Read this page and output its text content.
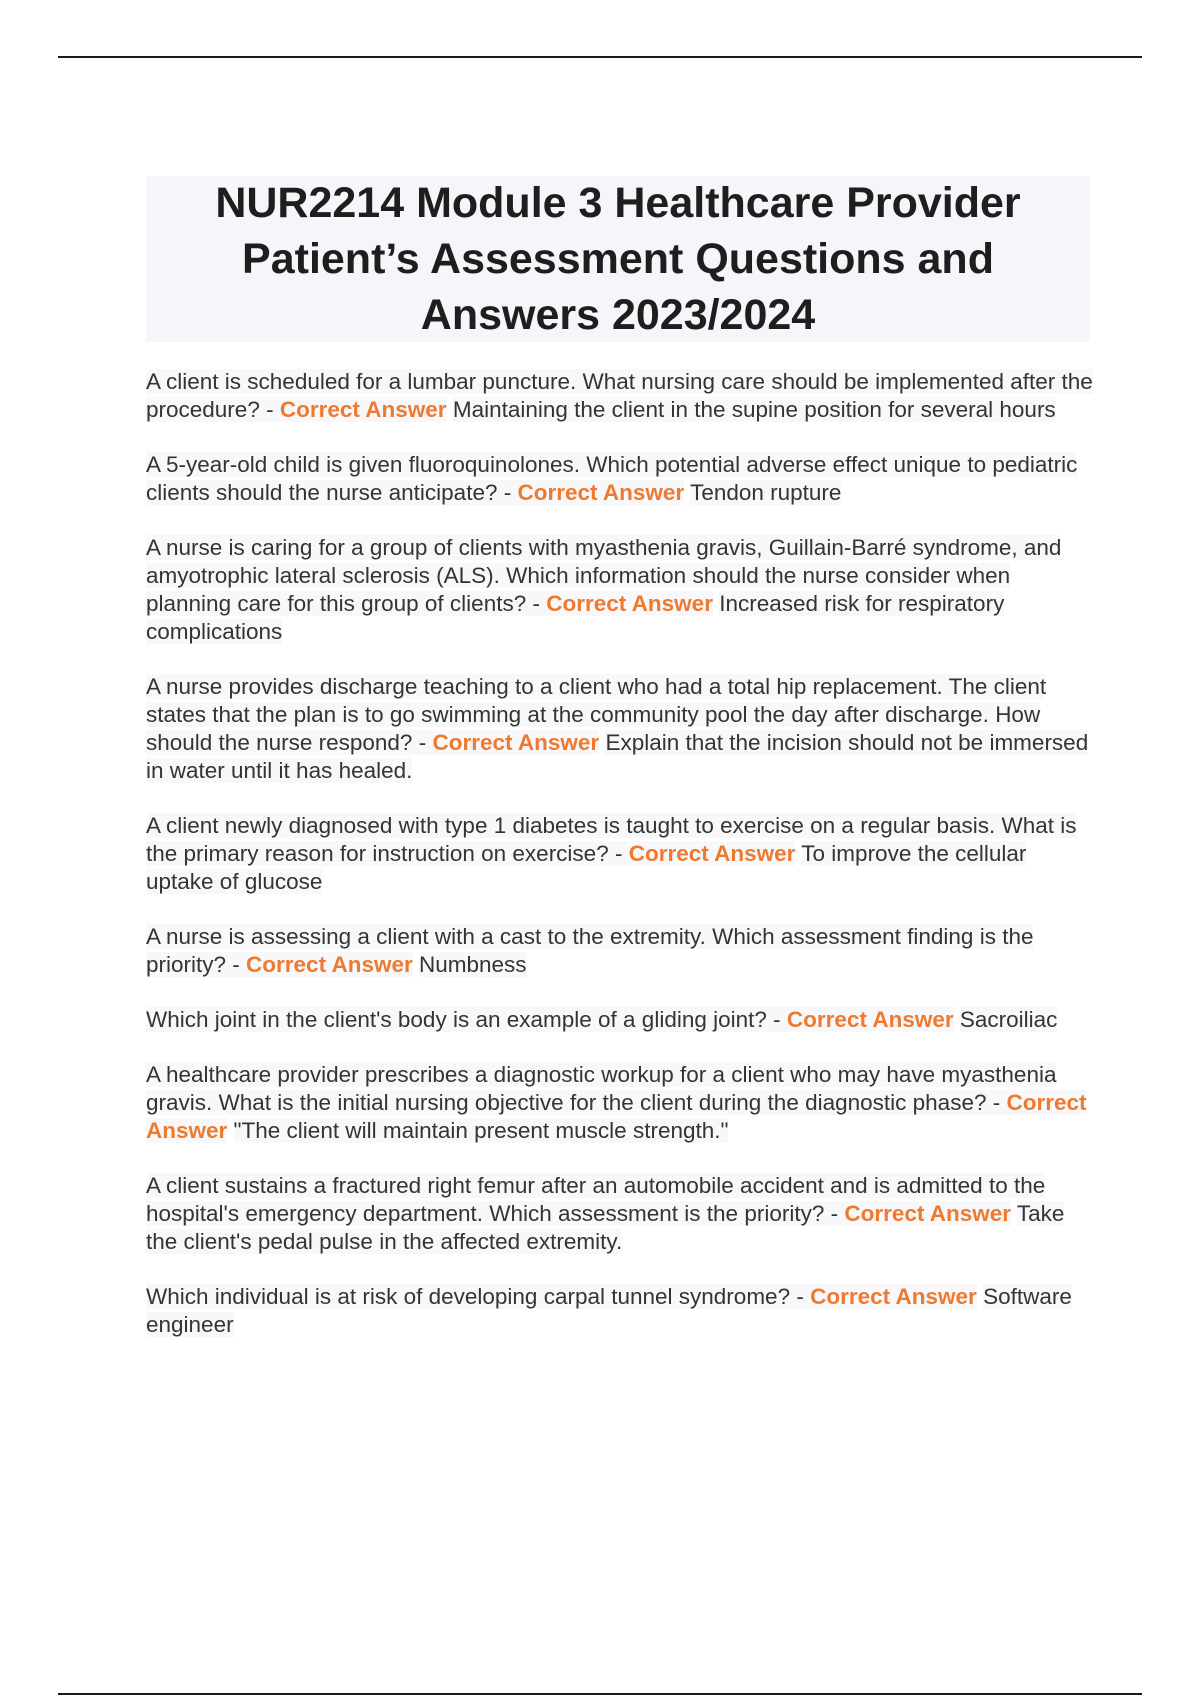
NUR2214 Module 3 Healthcare Provider Patient’s Assessment Questions and Answers 2023/2024

A client is scheduled for a lumbar puncture. What nursing care should be implemented after the procedure? - Correct Answer Maintaining the client in the supine position for several hours

A 5-year-old child is given fluoroquinolones. Which potential adverse effect unique to pediatric clients should the nurse anticipate? - Correct Answer Tendon rupture

A nurse is caring for a group of clients with myasthenia gravis, Guillain-Barré syndrome, and amyotrophic lateral sclerosis (ALS). Which information should the nurse consider when planning care for this group of clients? - Correct Answer Increased risk for respiratory complications

A nurse provides discharge teaching to a client who had a total hip replacement. The client states that the plan is to go swimming at the community pool the day after discharge. How should the nurse respond? - Correct Answer Explain that the incision should not be immersed in water until it has healed.

A client newly diagnosed with type 1 diabetes is taught to exercise on a regular basis. What is the primary reason for instruction on exercise? - Correct Answer To improve the cellular uptake of glucose

A nurse is assessing a client with a cast to the extremity. Which assessment finding is the priority? - Correct Answer Numbness

Which joint in the client's body is an example of a gliding joint? - Correct Answer Sacroiliac

A healthcare provider prescribes a diagnostic workup for a client who may have myasthenia gravis. What is the initial nursing objective for the client during the diagnostic phase? - Correct Answer "The client will maintain present muscle strength."

A client sustains a fractured right femur after an automobile accident and is admitted to the hospital's emergency department. Which assessment is the priority? - Correct Answer Take the client's pedal pulse in the affected extremity.

Which individual is at risk of developing carpal tunnel syndrome? - Correct Answer Software engineer
